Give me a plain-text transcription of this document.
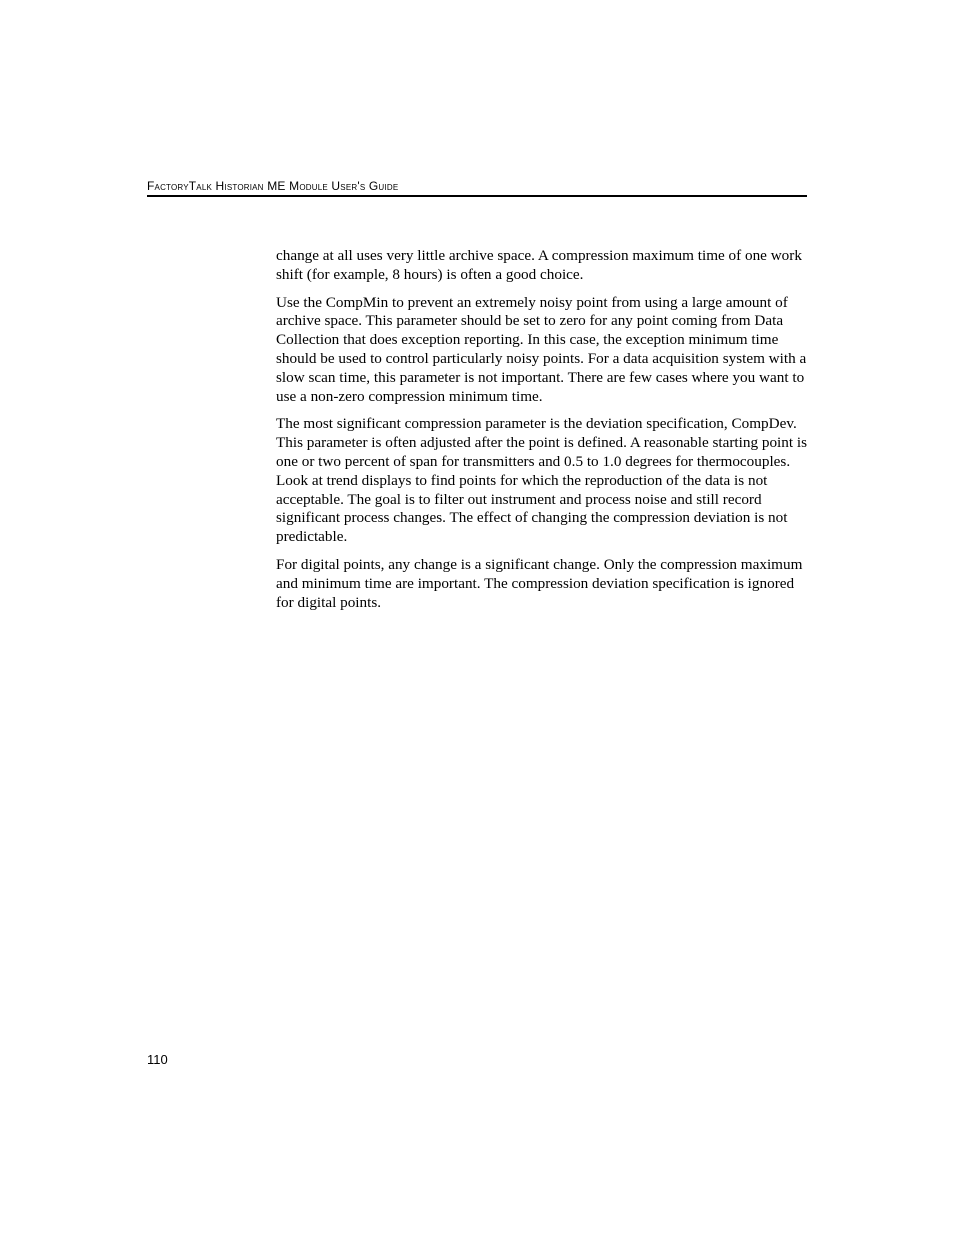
FactoryTalk Historian ME Module User's Guide

change at all uses very little archive space. A compression maximum time of one work shift (for example, 8 hours) is often a good choice.

Use the CompMin to prevent an extremely noisy point from using a large amount of archive space. This parameter should be set to zero for any point coming from Data Collection that does exception reporting. In this case, the exception minimum time should be used to control particularly noisy points. For a data acquisition system with a slow scan time, this parameter is not important. There are few cases where you want to use a non-zero compression minimum time.

The most significant compression parameter is the deviation specification, CompDev. This parameter is often adjusted after the point is defined. A reasonable starting point is one or two percent of span for transmitters and 0.5 to 1.0 degrees for thermocouples. Look at trend displays to find points for which the reproduction of the data is not acceptable. The goal is to filter out instrument and process noise and still record significant process changes. The effect of changing the compression deviation is not predictable.

For digital points, any change is a significant change. Only the compression maximum and minimum time are important. The compression deviation specification is ignored for digital points.

110
